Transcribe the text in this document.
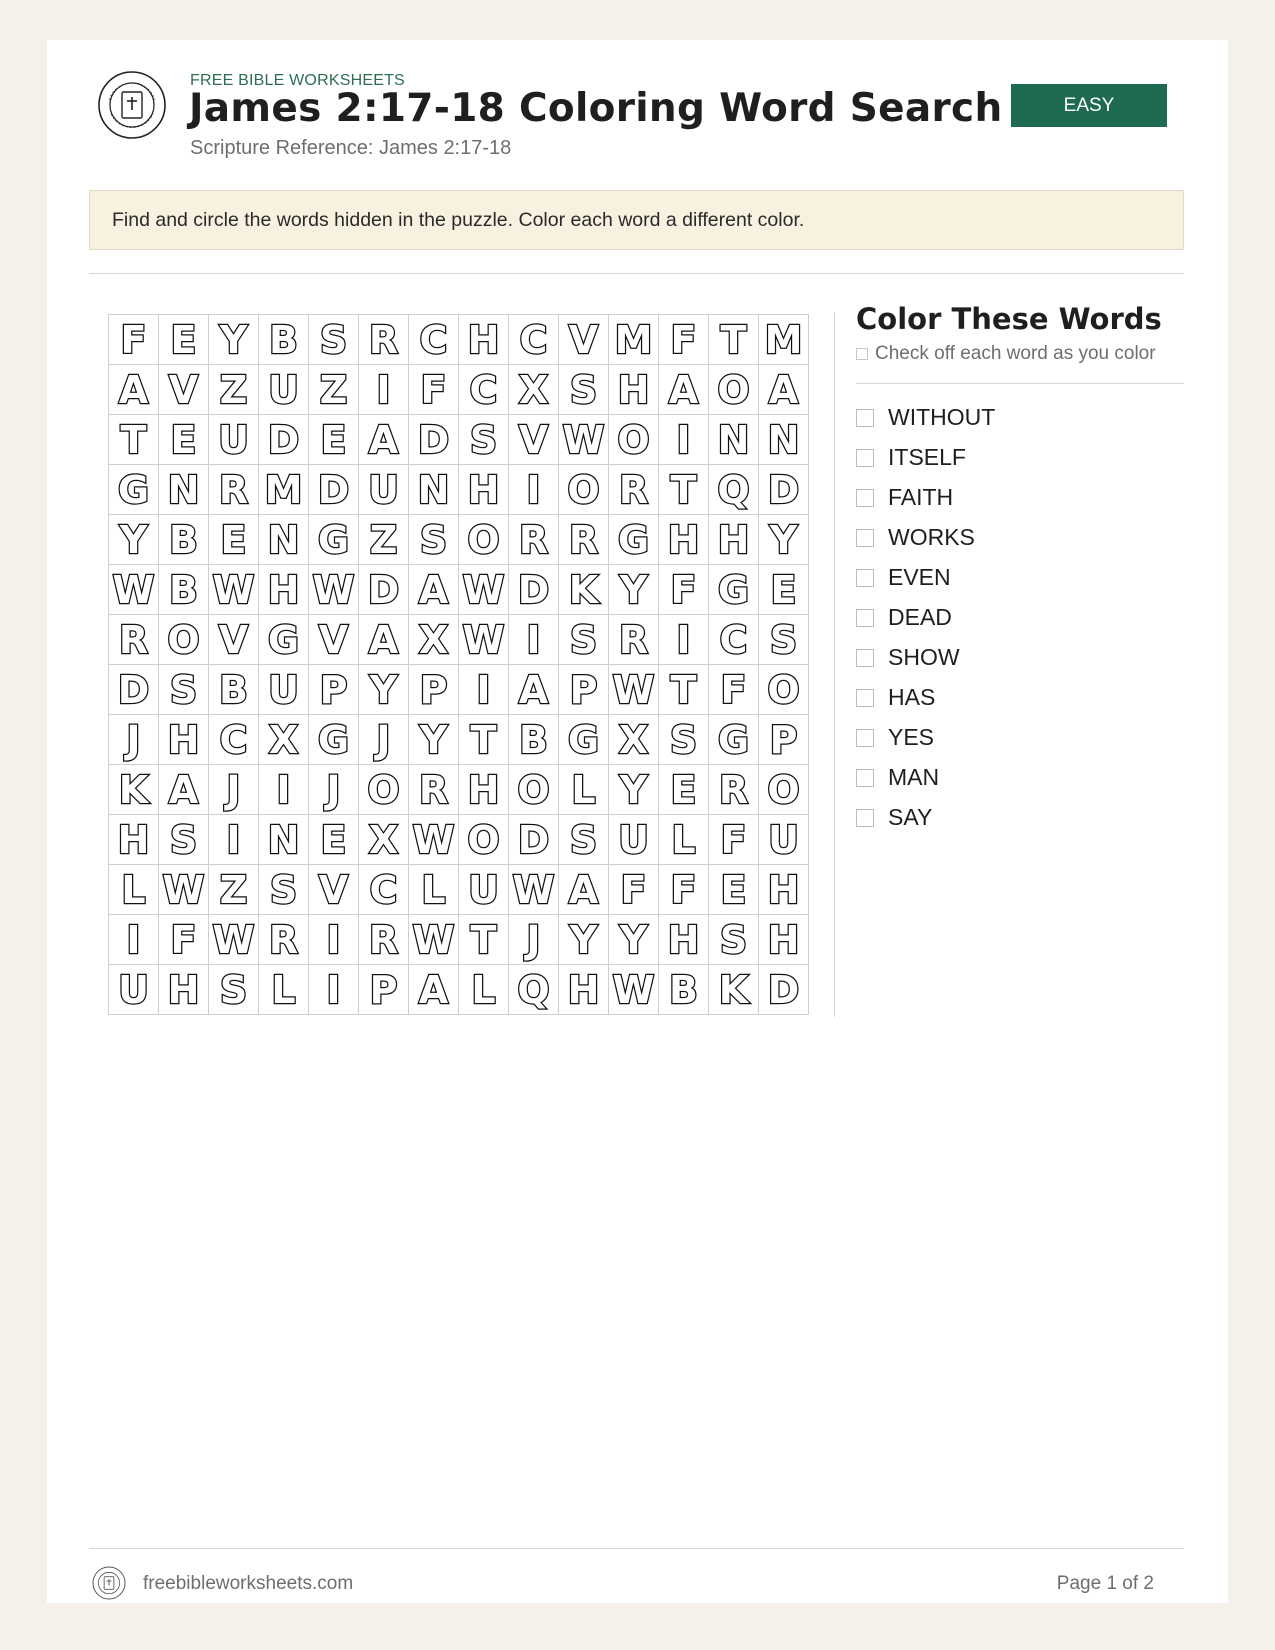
FREE BIBLE WORKSHEETS
James 2:17-18 Coloring Word Search
Scripture Reference: James 2:17-18
EASY
Find and circle the words hidden in the puzzle. Color each word a different color.
F E Y B S R C H C V M F T M
A V Z U Z I F C X S H A O A
T E U D E A D S V W O I N N
G N R M D U N H I O R T Q D
Y B E N G Z S O R R G H H Y
W B W H W D A W D K Y F G E
R O V G V A X W I S R I C S
D S B U P Y P I A P W T F O
J H C X G J Y T B G X S G P
K A J I J O R H O L Y E R O
H S I N E X W O D S U L F U
L W Z S V C L U W A F F E H
I F W R I R W T J Y Y H S H
U H S L I P A L Q H W B K D
Color These Words
Check off each word as you color
WITHOUT
ITSELF
FAITH
WORKS
EVEN
DEAD
SHOW
HAS
YES
MAN
SAY
freebibleworksheets.com	Page 1 of 2
